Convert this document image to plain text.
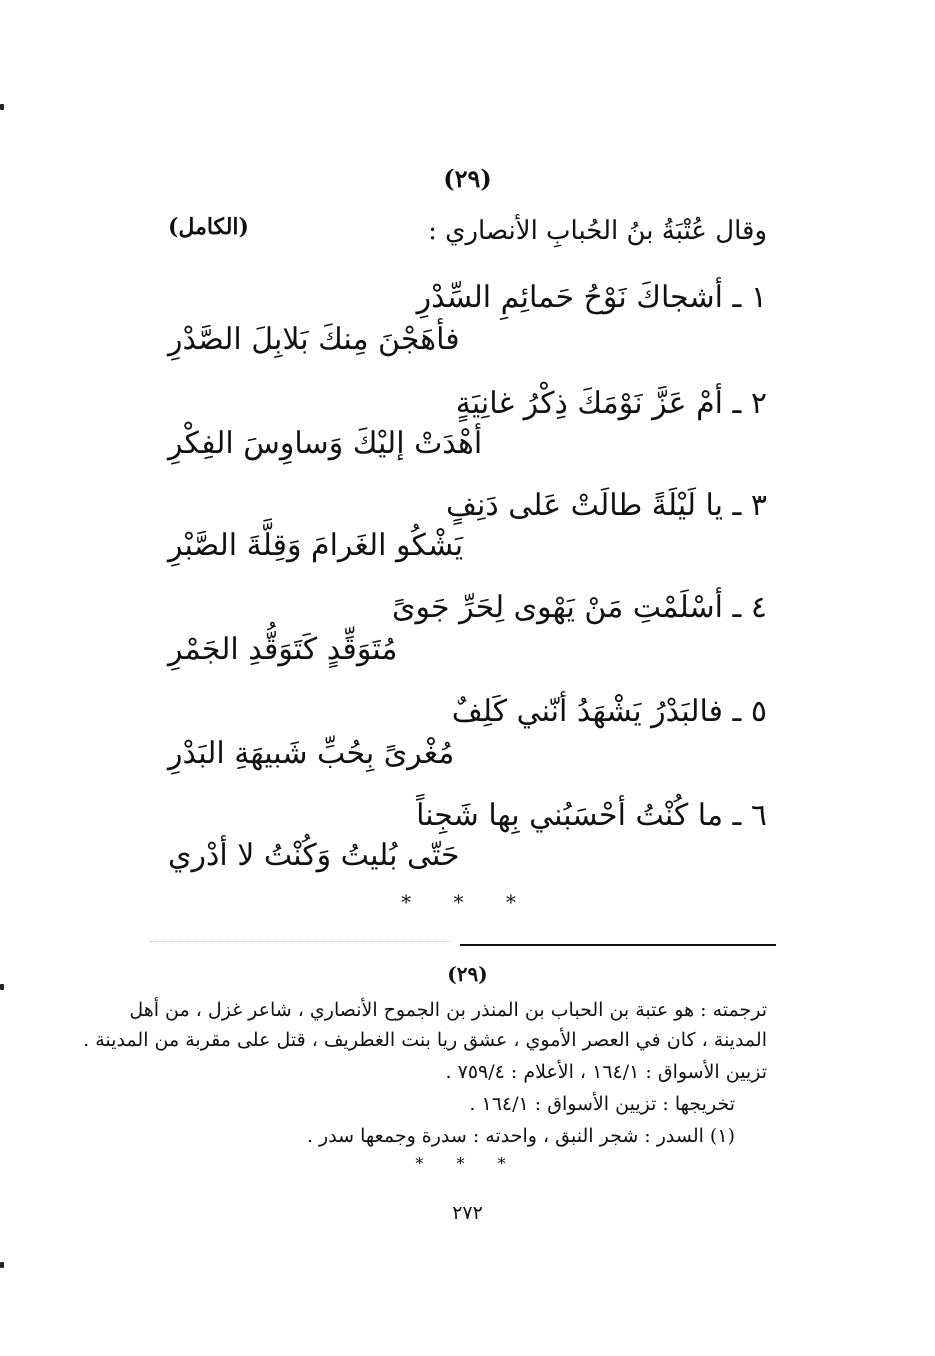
(٢٩)
وقال عُتْبَةُ بنُ الحُبابِ الأنصاري :
(الكامل)
١ ـ أشجاكَ نَوْحُ حَمائِمِ السِّدْرِ
فأهَجْنَ مِنكَ بَلابِلَ الصَّدْرِ
٢ ـ أمْ عَزَّ نَوْمَكَ ذِكْرُ غانِيَةٍ
أهْدَتْ إليْكَ وَساوِسَ الفِكْرِ
٣ ـ يا لَيْلَةً طالَتْ عَلى دَنِفٍ
يَشْكُو الغَرامَ وَقِلَّةَ الصَّبْرِ
٤ ـ أسْلَمْتِ مَنْ يَهْوى لِحَرِّ جَوىً
مُتَوَقِّدٍ كَتَوَقُّدِ الجَمْرِ
٥ ـ فالبَدْرُ يَشْهَدُ أنّني كَلِفٌ
مُغْرىً بِحُبِّ شَبيهَةِ البَدْرِ
٦ ـ ما كُنْتُ أحْسَبُني بِها شَجِناً
حَتّى بُليتُ وَكُنْتُ لا أدْري
* * *
(٢٩)
ترجمته : هو عتبة بن الحباب بن المنذر بن الجموح الأنصاري ، شاعر غزل ، من أهل
المدينة ، كان في العصر الأموي ، عشق ريا بنت الغطريف ، قتل على مقربة من المدينة .
تزيين الأسواق : ١٦٤/١ ، الأعلام : ٧٥٩/٤ .
تخريجها : تزيين الأسواق : ١٦٤/١ .
(١) السدر : شجر النبق ، واحدته : سدرة وجمعها سدر .
* * *
٢٧٢
